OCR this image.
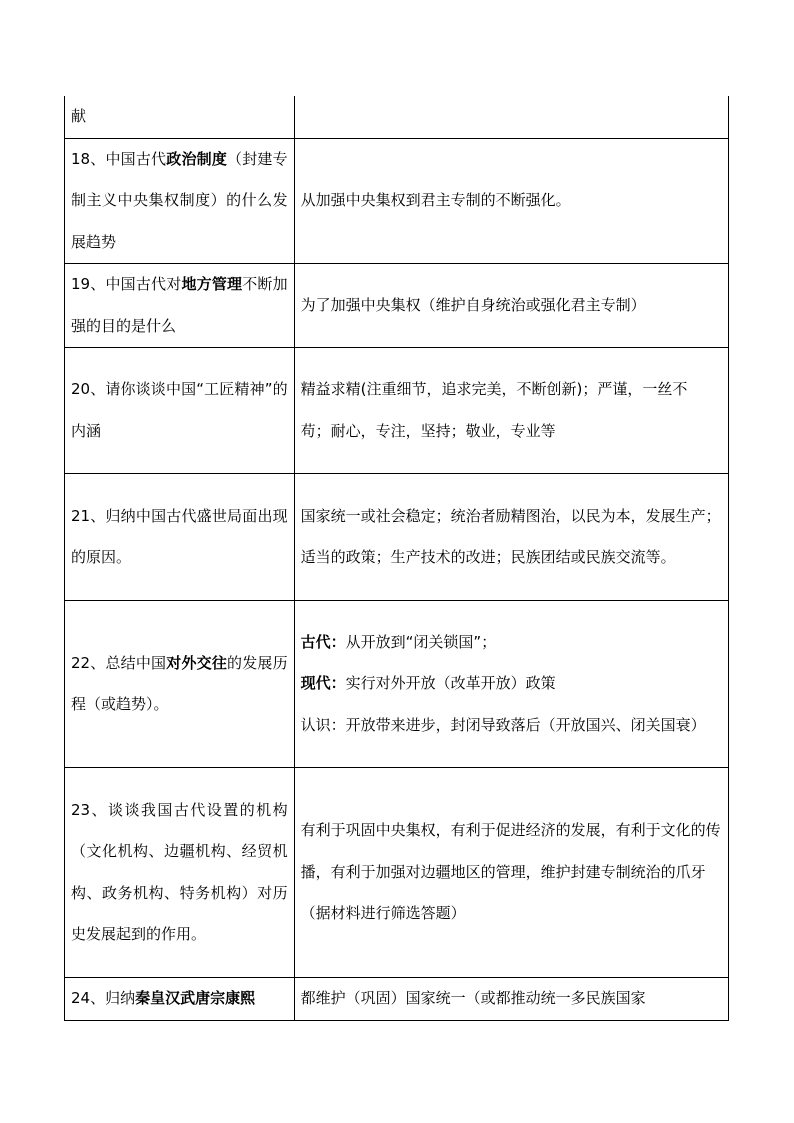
献	
18、中国古代政治制度（封建专制主义中央集权制度）的什么发展趋势	从加强中央集权到君主专制的不断强化。
19、中国古代对地方管理不断加强的目的是什么	为了加强中央集权（维护自身统治或强化君主专制）
20、请你谈谈中国“工匠精神”的内涵	精益求精(注重细节，追求完美，不断创新)；严谨，一丝不
苟；耐心，专注，坚持；敬业，专业等
21、归纳中国古代盛世局面出现的原因。	国家统一或社会稳定；统治者励精图治，以民为本，发展生产；适当的政策；生产技术的改进；民族团结或民族交流等。
22、总结中国对外交往的发展历程（或趋势）。	古代：从开放到“闭关锁国”；
现代：实行对外开放（改革开放）政策
认识：开放带来进步，封闭导致落后（开放国兴、闭关国衰）
23、谈谈我国古代设置的机构（文化机构、边疆机构、经贸机构、政务机构、特务机构）对历史发展起到的作用。	有利于巩固中央集权，有利于促进经济的发展，有利于文化的传播，有利于加强对边疆地区的管理，维护封建专制统治的爪牙（据材料进行筛选答题）
24、归纳秦皇汉武唐宗康熙	都维护（巩固）国家统一（或都推动统一多民族国家
